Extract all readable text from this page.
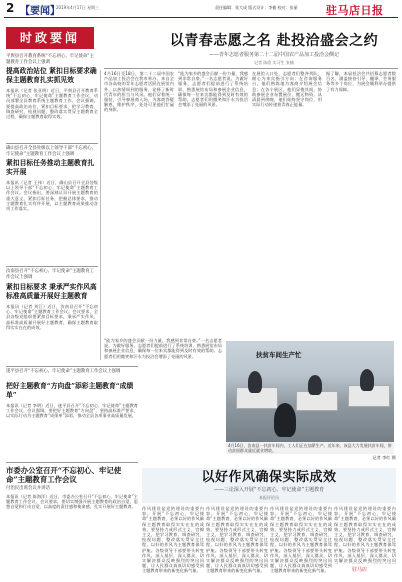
2 【要闻】
2019年4月17日 星期三	责任编辑：张大成 版式设计：李楠 校对：张丽	驻马店日报
时政要闻	以青春志愿之名 赴投洽盛会之约
——青年志愿者服务第二十二届中国农产品加工投洽会侧记
记者 陈欣 实习生 张楠
4月16日至18日，第二十二届中国农产品加工投洽会在我市举办，来自全市各高校的青年志愿者活跃在展馆内外，以热情周到的服务，诠释了新时代青年的担当与风采。他们穿着统一服装，引导参展商入场，为客商答疑解惑，维护秩序，处处可见他们忙碌的身影。
“能为家乡的盛会贡献一份力量，我感到非常自豪。”一名志愿者说。为做好服务，志愿者们提前进行了系统培训，熟悉展馆布局和参展企业信息，确保每一位来宾都能得到及时有效的帮助。志愿者们用微笑和汗水为投洽会增添了亮丽的风景。
在展馆入口处，志愿者们整齐列队，耐心为来宾指引方向；在咨询服务台，他们熟练地为客商介绍展会信息；在各个展区，他们穿梭其间，协助参展企业布置展位、搬运物资。从清晨到傍晚，他们始终坚守岗位，用实际行动传递着青春正能量。
据了解，本届投洽会共招募志愿者数百名，涵盖接待引导、翻译、会务服务等多个岗位，为展会顺利举办提供了有力保障。
平舆县召开教育系统“不忘初心、牢记使命”主题教育工作会议上强调
提高政治站位 紧扣目标要求确保主题教育扎实抓见效
本报讯（记者 张亚明）近日，平舆县召开教育系统“不忘初心、牢记使命”主题教育工作会议，动员部署全县教育系统主题教育工作。会议强调，要提高政治站位，紧扣目标要求，把学习教育、调查研究、检视问题、整改落实贯穿主题教育全过程，确保主题教育取得实效。
确山县召开全县处级以上领导干部“不忘初心、牢记使命”主题教育工作会议上强调
紧扣目标任务推动主题教育扎实开展
本报讯（记者 王伟）近日，确山县召开全县处级以上领导干部“不忘初心、牢记使命”主题教育工作会议。会议指出，要深刻认识开展主题教育的重大意义，紧扣目标任务，把握总体要求，推动主题教育扎实有序开展，以主题教育成果推动各项工作落实。
汝南县召开“不忘初心、牢记使命”主题教育工作会议上强调
紧扣目标要求 秉承严实作风高标准高质量开展好主题教育
本报讯（记者 刘江）近日，汝南县召开“不忘初心、牢记使命”主题教育工作会议。会议要求，全县各级党组织要紧扣目标要求，秉承严实作风，高标准高质量开展好主题教育，确保主题教育取得实实在在的成效。
遂平县召开“不忘初心、牢记使命”主题教育工作会议上强调
把好主题教育“方向盘”添彩主题教育“成绩单”
本报讯（记者 李明）近日，遂平县召开“不忘初心、牢记使命”主题教育工作会议。会议强调，要把好主题教育“方向盘”，坚持高标准严要求，以实际行动为主题教育“成绩单”添彩，推动全县各项事业高质量发展。
市委办公室召开“不忘初心、牢记使命”主题教育工作会议
付治民出席会议并讲话
本报讯（记者 陈海洋）近日，市委办公室召开“不忘初心、牢记使命”主题教育工作会议。会议要求，要切实增强开展主题教育的政治自觉、思想自觉和行动自觉，以高度的责任感和使命感，扎实开展好主题教育。
“能为家乡的盛会贡献一份力量，我感到非常自豪。”一名志愿者说。为做好服务，志愿者们提前进行了系统培训，熟悉展馆布局和参展企业信息，确保每一位来宾都能得到及时有效的帮助。志愿者们用微笑和汗水为投洽会增添了亮丽的风景。
4月16日，汝南县一扶贫车间内，工人们正在加紧生产。近年来，该县大力发展扶贫车间，带动贫困群众就近就业增收。
扶贫车间生产忙
记者 李红 摄
以好作风确保实际成效
——三论深入开展“不忘初心、牢记使命”主题教育
本报评论员
作风建设是党的建设的重要内容。开展“不忘初心、牢记使命”主题教育，必须以好的作风确保主题教育取得实实在在的成效。要坚持力戒形式主义、官僚主义，把学习教育、调查研究、检视问题、整改落实贯穿全过程，以好的作风为主题教育保驾护航。各级领导干部要带头转变作风，深入基层、深入群众，切实解决群众反映强烈的突出问题，让人民群众真真切切感受到主题教育带来的新变化新气象。
作风建设是党的建设的重要内容。开展“不忘初心、牢记使命”主题教育，必须以好的作风确保主题教育取得实实在在的成效。要坚持力戒形式主义、官僚主义，把学习教育、调查研究、检视问题、整改落实贯穿全过程，以好的作风为主题教育保驾护航。各级领导干部要带头转变作风，深入基层、深入群众，切实解决群众反映强烈的突出问题，让人民群众真真切切感受到主题教育带来的新变化新气象。
作风建设是党的建设的重要内容。开展“不忘初心、牢记使命”主题教育，必须以好的作风确保主题教育取得实实在在的成效。要坚持力戒形式主义、官僚主义，把学习教育、调查研究、检视问题、整改落实贯穿全过程，以好的作风为主题教育保驾护航。各级领导干部要带头转变作风，深入基层、深入群众，切实解决群众反映强烈的突出问题，让人民群众真真切切感受到主题教育带来的新变化新气象。
作风建设是党的建设的重要内容。开展“不忘初心、牢记使命”主题教育，必须以好的作风确保主题教育取得实实在在的成效。要坚持力戒形式主义、官僚主义，把学习教育、调查研究、检视问题、整改落实贯穿全过程，以好的作风为主题教育保驾护航。各级领导干部要带头转变作风，深入基层、深入群众，切实解决群众反映强烈的突出问
驻马店
